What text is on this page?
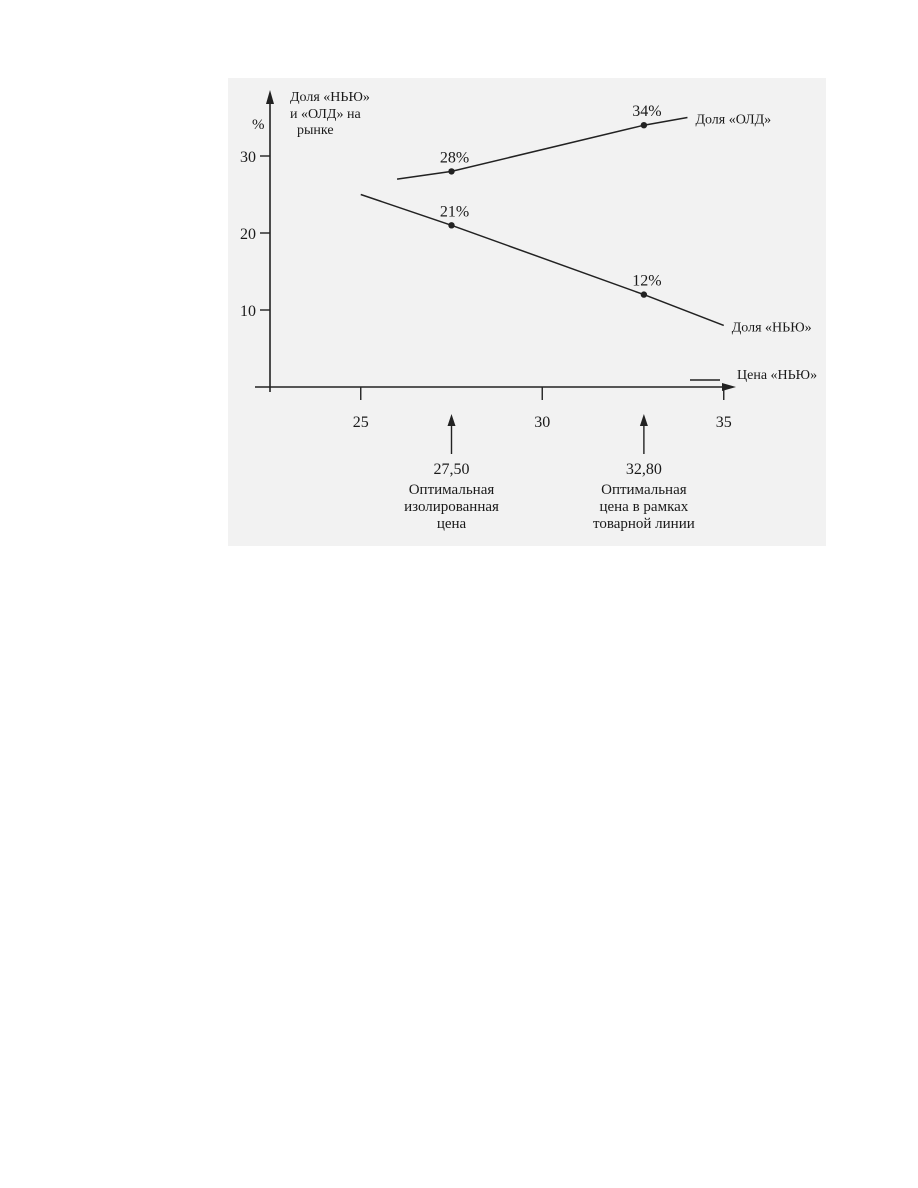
10
20
30
25	30	35
Доля «НЬЮ»
и «ОЛД» на
рынке
%
Цена «НЬЮ»
28%
34% Доля «ОЛД»
21%
12%
Доля «НЬЮ»
27,50
Оптимальная
изолированная
цена
32,80
Оптимальная
цена в рамках
товарной линии
